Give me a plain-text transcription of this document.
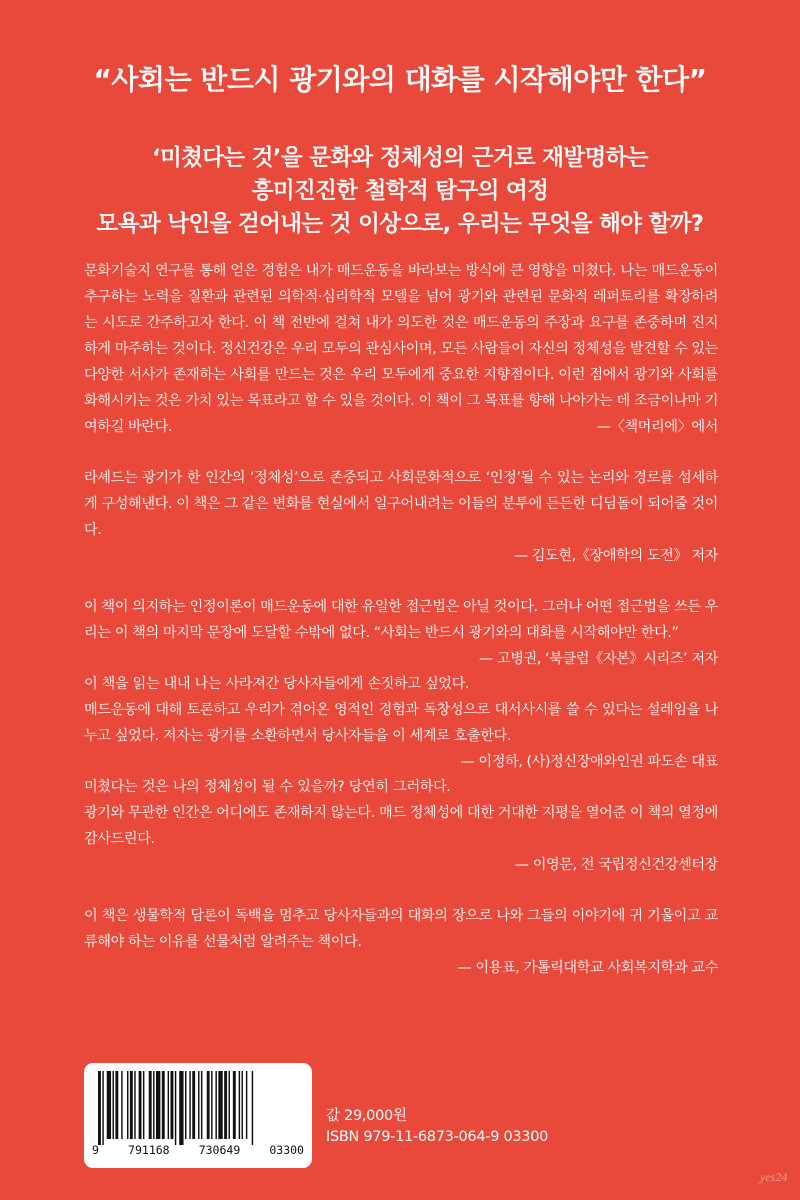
“사회는 반드시 광기와의 대화를 시작해야만 한다”
‘미쳤다는 것’을 문화와 정체성의 근거로 재발명하는
흥미진진한 철학적 탐구의 여정
모욕과 낙인을 걷어내는 것 이상으로, 우리는 무엇을 해야 할까?

문화기술지 연구를 통해 얻은 경험은 내가 매드운동을 바라보는 방식에 큰 영향을 미쳤다. 나는 매드운동이 추구하는 노력을 질환과 관련된 의학적·심리학적 모델을 넘어 광기와 관련된 문화적 레퍼토리를 확장하려는 시도로 간주하고자 한다. 이 책 전반에 걸쳐 내가 의도한 것은 매드운동의 주장과 요구를 존중하며 진지하게 마주하는 것이다. 정신건강은 우리 모두의 관심사이며, 모든 사람들이 자신의 정체성을 발견할 수 있는 다양한 서사가 존재하는 사회를 만드는 것은 우리 모두에게 중요한 지향점이다. 이런 점에서 광기와 사회를 화해시키는 것은 가치 있는 목표라고 할 수 있을 것이다. 이 책이 그 목표를 향해 나아가는 데 조금이나마 기여하길 바란다.	—〈책머리에〉에서

라셰드는 광기가 한 인간의 ‘정체성’으로 존중되고 사회문화적으로 ‘인정’될 수 있는 논리와 경로를 섬세하게 구성해낸다. 이 책은 그 같은 변화를 현실에서 일구어내려는 이들의 분투에 든든한 디딤돌이 되어줄 것이다.

— 김도현,《장애학의 도전》 저자

이 책이 의지하는 인정이론이 매드운동에 대한 유일한 접근법은 아닐 것이다. 그러나 어떤 접근법을 쓰든 우리는 이 책의 마지막 문장에 도달할 수밖에 없다. “사회는 반드시 광기와의 대화를 시작해야만 한다.”
— 고병권, ‘북클럽《자본》시리즈’ 저자

이 책을 읽는 내내 나는 사라져간 당사자들에게 손짓하고 싶었다. 매드운동에 대해 토론하고 우리가 겪어온 영적인 경험과 독창성으로 대서사시를 쓸 수 있다는 설레임을 나누고 싶었다. 저자는 광기를 소환하면서 당사자들을 이 세계로 호출한다.
— 이정하, (사)정신장애와인권 파도손 대표

미쳤다는 것은 나의 정체성이 될 수 있을까? 당연히 그러하다. 광기와 무관한 인간은 어디에도 존재하지 않는다. 매드 정체성에 대한 거대한 지평을 열어준 이 책의 열정에 감사드린다.

— 이영문, 전 국립정신건강센터장

이 책은 생물학적 담론이 독백을 멈추고 당사자들과의 대화의 장으로 나와 그들의 이야기에 귀 기울이고 교류해야 하는 이유를 선물처럼 알려주는 책이다.

— 이용표, 가톨릭대학교 사회복지학과 교수
9	791168	730649	03300
값 29,000원
ISBN 979-11-6873-064-9 03300
yes24
